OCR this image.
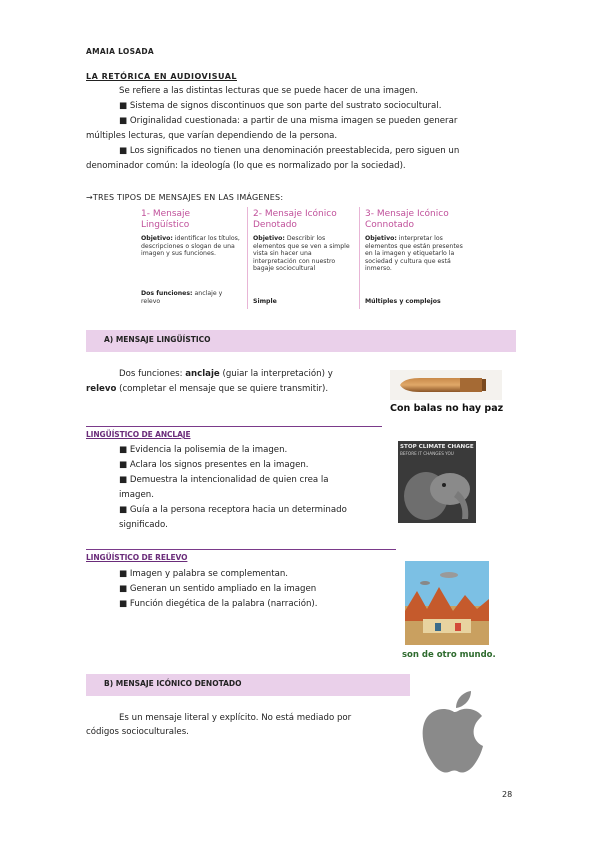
AMAIA LOSADA
LA RETÓRICA EN AUDIOVISUAL
Se refiere a las distintas lecturas que se puede hacer de una imagen.
■ Sistema de signos discontinuos que son parte del sustrato sociocultural.
■ Originalidad cuestionada: a partir de una misma imagen se pueden generar
múltiples lecturas, que varían dependiendo de la persona.
■ Los significados no tienen una denominación preestablecida, pero siguen un
denominador común: la ideología (lo que es normalizado por la sociedad).
→TRES TIPOS DE MENSAJES EN LAS IMÁGENES:
1- Mensaje
Lingüístico
Objetivo: identificar los títulos, descripciones o slogan de una imagen y sus funciones.
Dos funciones: anclaje y relevo
2- Mensaje Icónico
Denotado
Objetivo: Describir los elementos que se ven a simple vista sin hacer una interpretación con nuestro bagaje sociocultural
Simple
3- Mensaje Icónico
Connotado
Objetivo: interpretar los elementos que están presentes en la imagen y etiquetarlo la sociedad y cultura que está inmerso.
Múltiples y complejos
A) MENSAJE LINGÜÍSTICO
Dos funciones: anclaje (guiar la interpretación) y
relevo (completar el mensaje que se quiere transmitir).
Con balas no hay paz
LINGÜÍSTICO DE ANCLAJE
■ Evidencia la polisemia de la imagen.
■ Aclara los signos presentes en la imagen.
■ Demuestra la intencionalidad de quien crea la
imagen.
■ Guía a la persona receptora hacia un determinado
significado.
STOP CLIMATE CHANGE
BEFORE IT CHANGES YOU
LINGÜÍSTICO DE RELEVO
■ Imagen y palabra se complementan.
■ Generan un sentido ampliado en la imagen
■ Función diegética de la palabra (narración).
son de otro mundo.
B) MENSAJE ICÓNICO DENOTADO
Es un mensaje literal y explícito. No está mediado por
códigos socioculturales.
28
